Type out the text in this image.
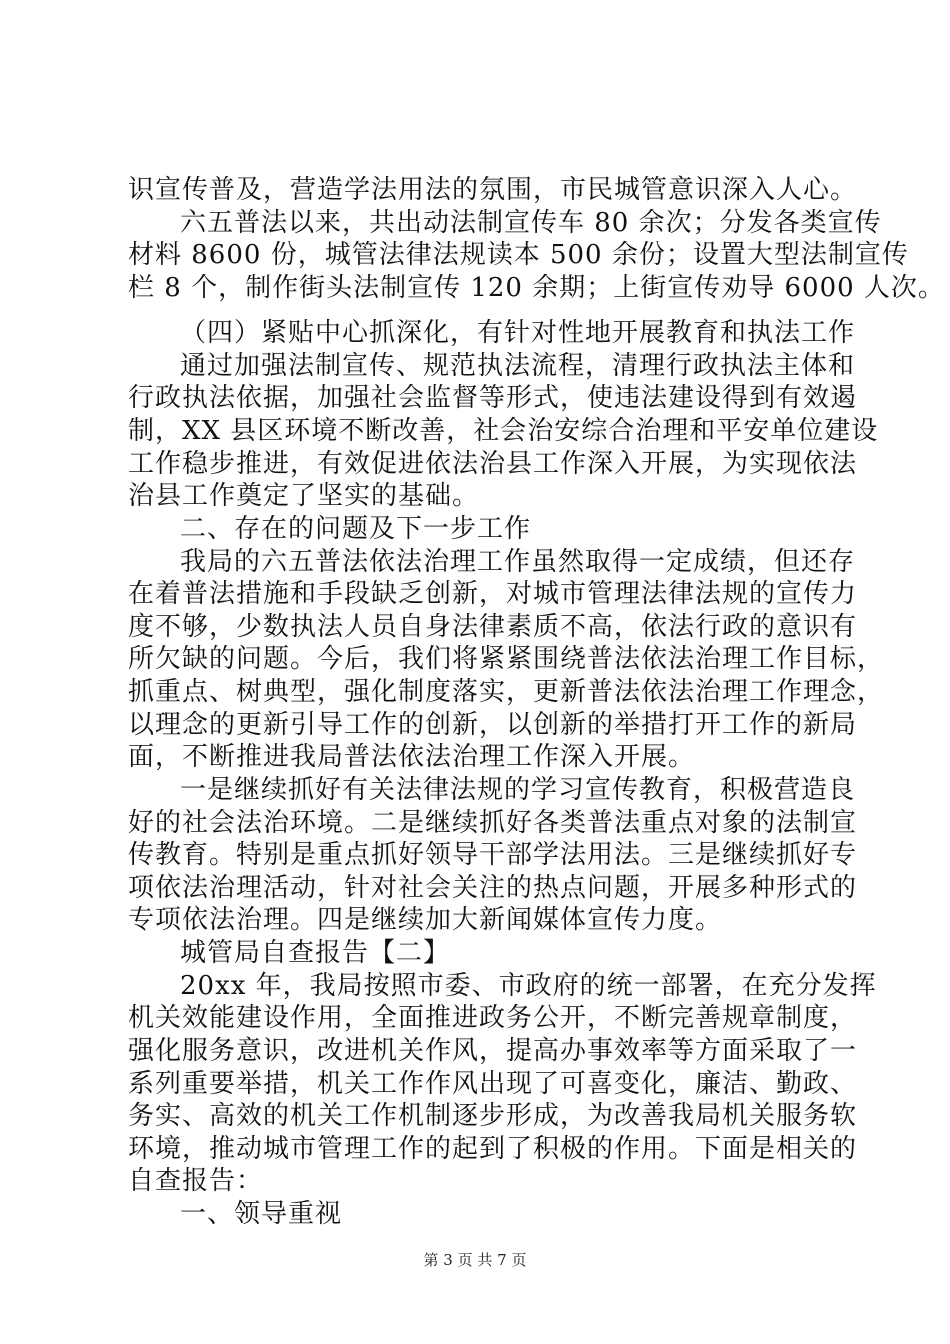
识宣传普及，营造学法用法的氛围，市民城管意识深入人心。
六五普法以来，共出动法制宣传车 80 余次；分发各类宣传
材料 8600 份，城管法律法规读本 500 余份；设置大型法制宣传
栏 8 个，制作街头法制宣传 120 余期；上街宣传劝导 6000 人次。
（四）紧贴中心抓深化，有针对性地开展教育和执法工作
通过加强法制宣传、规范执法流程，清理行政执法主体和
行政执法依据，加强社会监督等形式，使违法建设得到有效遏
制，XX 县区环境不断改善，社会治安综合治理和平安单位建设
工作稳步推进，有效促进依法治县工作深入开展，为实现依法
治县工作奠定了坚实的基础。
二、存在的问题及下一步工作
我局的六五普法依法治理工作虽然取得一定成绩，但还存
在着普法措施和手段缺乏创新，对城市管理法律法规的宣传力
度不够，少数执法人员自身法律素质不高，依法行政的意识有
所欠缺的问题。今后，我们将紧紧围绕普法依法治理工作目标，
抓重点、树典型，强化制度落实，更新普法依法治理工作理念，
以理念的更新引导工作的创新，以创新的举措打开工作的新局
面，不断推进我局普法依法治理工作深入开展。
一是继续抓好有关法律法规的学习宣传教育，积极营造良
好的社会法治环境。二是继续抓好各类普法重点对象的法制宣
传教育。特别是重点抓好领导干部学法用法。三是继续抓好专
项依法治理活动，针对社会关注的热点问题，开展多种形式的
专项依法治理。四是继续加大新闻媒体宣传力度。
城管局自查报告【二】
20xx 年，我局按照市委、市政府的统一部署，在充分发挥
机关效能建设作用，全面推进政务公开，不断完善规章制度，
强化服务意识，改进机关作风，提高办事效率等方面采取了一
系列重要举措，机关工作作风出现了可喜变化，廉洁、勤政、
务实、高效的机关工作机制逐步形成，为改善我局机关服务软
环境，推动城市管理工作的起到了积极的作用。下面是相关的
自查报告：
一、领导重视
第 3 页 共 7 页
